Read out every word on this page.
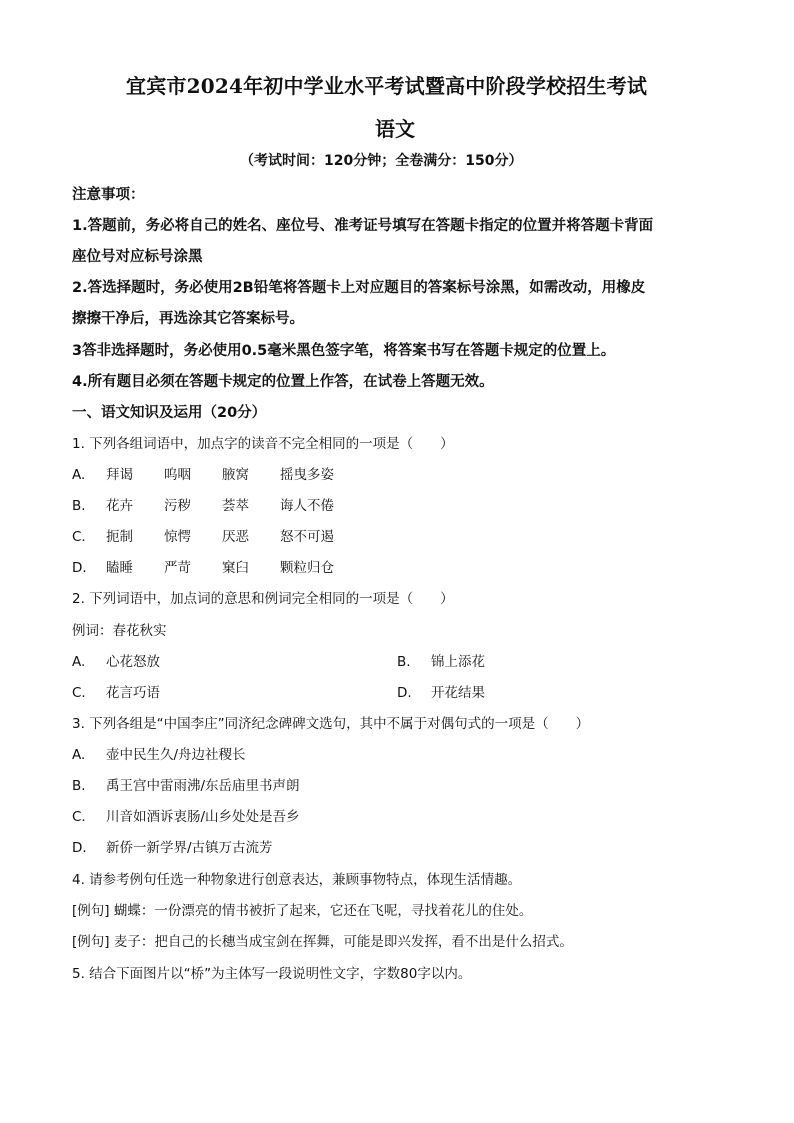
宜宾市2024年初中学业水平考试暨高中阶段学校招生考试
语文
（考试时间：120分钟；全卷满分：150分）
注意事项：
1.答题前，务必将自己的姓名、座位号、准考证号填写在答题卡指定的位置并将答题卡背面
座位号对应标号涂黑
2.答选择题时，务必使用2B铅笔将答题卡上对应题目的答案标号涂黑，如需改动，用橡皮
擦擦干净后，再选涂其它答案标号。
3答非选择题时，务必使用0.5毫米黑色签字笔，将答案书写在答题卡规定的位置上。
4.所有题目必须在答题卡规定的位置上作答，在试卷上答题无效。
一、语文知识及运用（20分）
1. 下列各组词语中，加点字的读音不完全相同的一项是（　　）
A. 拜谒 呜咽 腋窝 摇曳多姿
B. 花卉 污秽 荟萃 诲人不倦
C. 扼制 惊愕 厌恶 怒不可遏
D. 瞌睡 严苛 窠臼 颗粒归仓
2. 下列词语中，加点词的意思和例词完全相同的一项是（　　）
例词：春花秋实
A. 心花怒放	B. 锦上添花
C. 花言巧语	D. 开花结果
3. 下列各组是“中国李庄”同济纪念碑碑文选句，其中不属于对偶句式的一项是（　　）
A. 壶中民生久/舟边社稷长
B. 禹王宫中雷雨沸/东岳庙里书声朗
C. 川音如酒诉衷肠/山乡处处是吾乡
D. 新侨一新学界/古镇万古流芳
4. 请参考例句任选一种物象进行创意表达，兼顾事物特点，体现生活情趣。
[例句] 蝴蝶：一份漂亮的情书被折了起来，它还在飞呢，寻找着花儿的住处。
[例句] 麦子：把自己的长穗当成宝剑在挥舞，可能是即兴发挥，看不出是什么招式。
5. 结合下面图片以“桥”为主体写一段说明性文字，字数80字以内。
